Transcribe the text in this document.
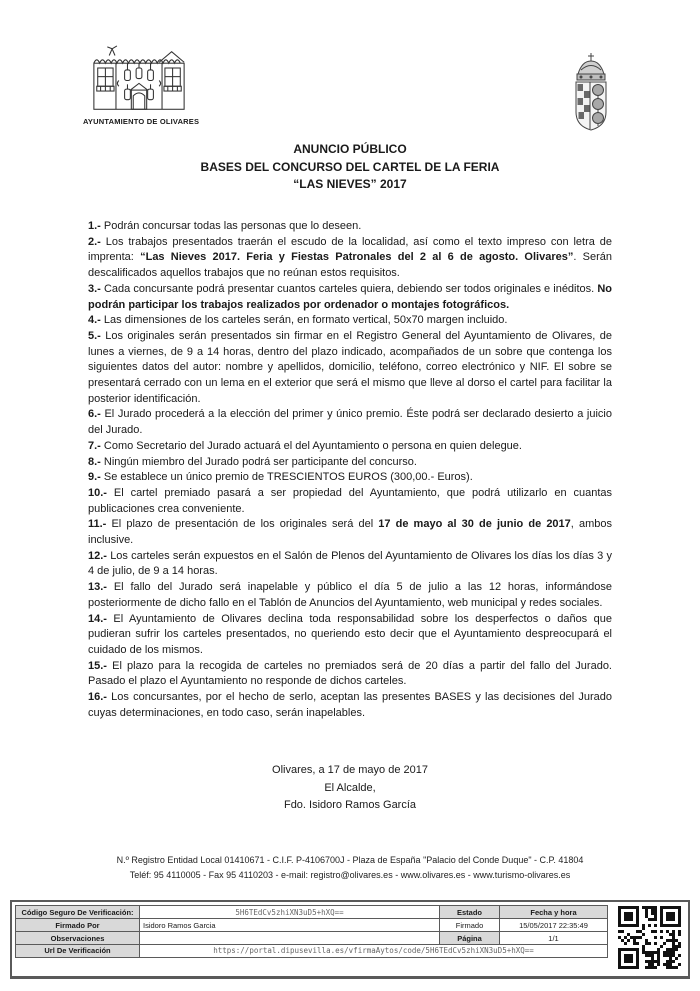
AYUNTAMIENTO DE OLIVARES
ANUNCIO PÚBLICO
BASES DEL CONCURSO DEL CARTEL DE LA FERIA
“LAS NIEVES” 2017

1.- Podrán concursar todas las personas que lo deseen.

2.- Los trabajos presentados traerán el escudo de la localidad, así como el texto impreso con letra de imprenta: “Las Nieves 2017. Feria y Fiestas Patronales del 2 al 6 de agosto. Olivares”. Serán descalificados aquellos trabajos que no reúnan estos requisitos.

3.- Cada concursante podrá presentar cuantos carteles quiera, debiendo ser todos originales e inéditos. No podrán participar los trabajos realizados por ordenador o montajes fotográficos.

4.- Las dimensiones de los carteles serán, en formato vertical, 50x70 margen incluido.

5.- Los originales serán presentados sin firmar en el Registro General del Ayuntamiento de Olivares, de lunes a viernes, de 9 a 14 horas, dentro del plazo indicado, acompañados de un sobre que contenga los siguientes datos del autor: nombre y apellidos, domicilio, teléfono, correo electrónico y NIF. El sobre se presentará cerrado con un lema en el exterior que será el mismo que lleve al dorso el cartel para facilitar la posterior identificación.

6.- El Jurado procederá a la elección del primer y único premio. Éste podrá ser declarado desierto a juicio del Jurado.

7.- Como Secretario del Jurado actuará el del Ayuntamiento o persona en quien delegue.

8.- Ningún miembro del Jurado podrá ser participante del concurso.

9.- Se establece un único premio de TRESCIENTOS EUROS (300,00.- Euros).

10.- El cartel premiado pasará a ser propiedad del Ayuntamiento, que podrá utilizarlo en cuantas publicaciones crea conveniente.

11.- El plazo de presentación de los originales será del 17 de mayo al 30 de junio de 2017, ambos inclusive.

12.- Los carteles serán expuestos en el Salón de Plenos del Ayuntamiento de Olivares los días los días 3 y 4 de julio, de 9 a 14 horas.

13.- El fallo del Jurado será inapelable y público el día 5 de julio a las 12 horas, informándose posteriormente de dicho fallo en el Tablón de Anuncios del Ayuntamiento, web municipal y redes sociales.

14.- El Ayuntamiento de Olivares declina toda responsabilidad sobre los desperfectos o daños que pudieran sufrir los carteles presentados, no queriendo esto decir que el Ayuntamiento despreocupará el cuidado de los mismos.

15.- El plazo para la recogida de carteles no premiados será de 20 días a partir del fallo del Jurado. Pasado el plazo el Ayuntamiento no responde de dichos carteles.

16.- Los concursantes, por el hecho de serlo, aceptan las presentes BASES y las decisiones del Jurado cuyas determinaciones, en todo caso, serán inapelables.

Olivares, a 17 de mayo de 2017
El Alcalde,
Fdo. Isidoro Ramos García
N.º Registro Entidad Local 01410671 - C.I.F. P-4106700J - Plaza de España "Palacio del Conde Duque" - C.P. 41804
Teléf: 95 4110005 - Fax 95 4110203 - e-mail: registro@olivares.es - www.olivares.es - www.turismo-olivares.es
Código Seguro De Verificación:	5H6TEdCv5zhiXN3uD5+hXQ==	Estado	Fecha y hora
Firmado Por	Isidoro Ramos Garcia	Firmado	15/05/2017 22:35:49
Observaciones		Página	1/1
Url De Verificación	https://portal.dipusevilla.es/vfirmaAytos/code/5H6TEdCv5zhiXN3uD5+hXQ==		
